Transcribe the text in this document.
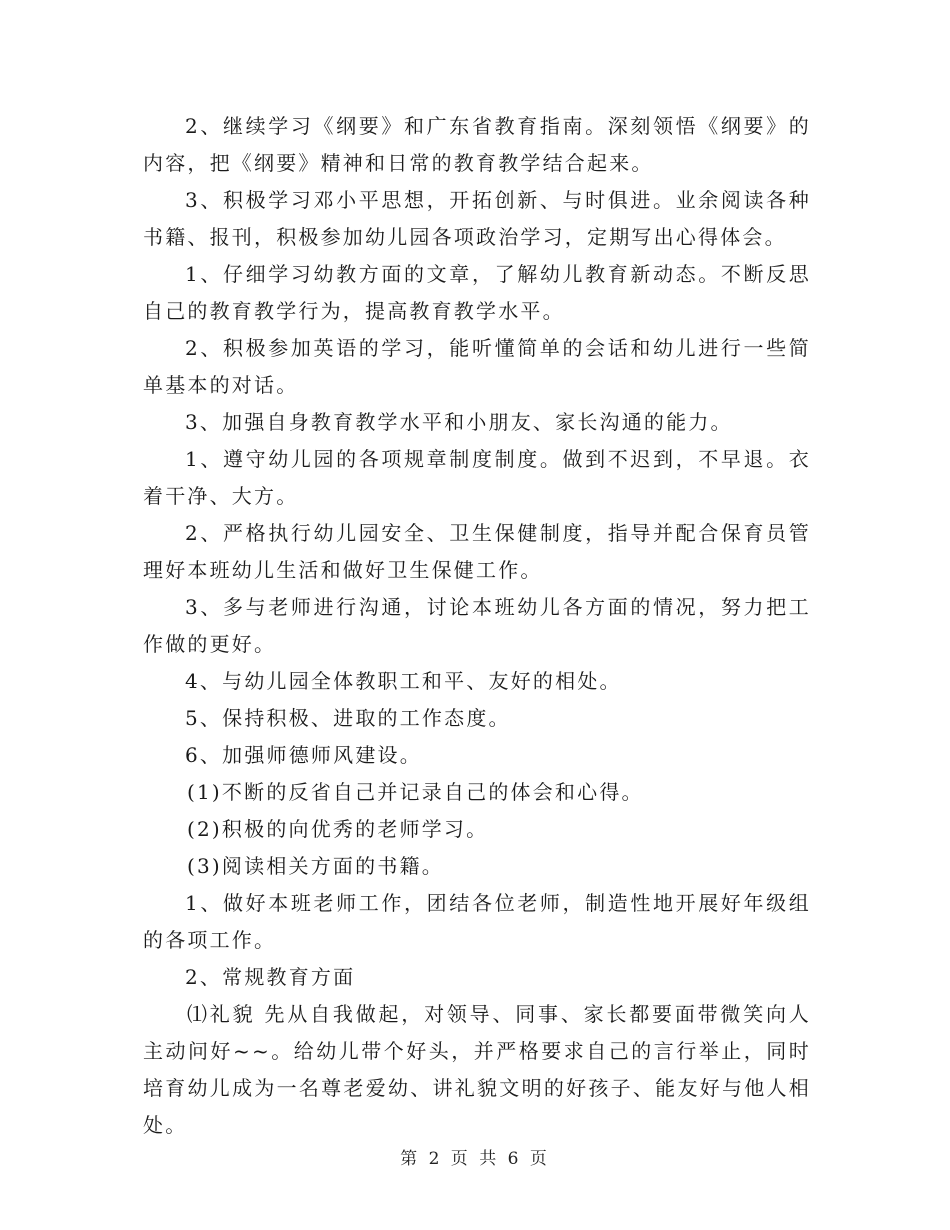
2、继续学习《纲要》和广东省教育指南。深刻领悟《纲要》的内容，把《纲要》精神和日常的教育教学结合起来。

3、积极学习邓小平思想，开拓创新、与时俱进。业余阅读各种书籍、报刊，积极参加幼儿园各项政治学习，定期写出心得体会。

1、仔细学习幼教方面的文章，了解幼儿教育新动态。不断反思自己的教育教学行为，提高教育教学水平。

2、积极参加英语的学习，能听懂简单的会话和幼儿进行一些简单基本的对话。

3、加强自身教育教学水平和小朋友、家长沟通的能力。

1、遵守幼儿园的各项规章制度制度。做到不迟到，不早退。衣着干净、大方。

2、严格执行幼儿园安全、卫生保健制度，指导并配合保育员管理好本班幼儿生活和做好卫生保健工作。

3、多与老师进行沟通，讨论本班幼儿各方面的情况，努力把工作做的更好。

4、与幼儿园全体教职工和平、友好的相处。

5、保持积极、进取的工作态度。

6、加强师德师风建设。

(1)不断的反省自己并记录自己的体会和心得。

(2)积极的向优秀的老师学习。

(3)阅读相关方面的书籍。

1、做好本班老师工作，团结各位老师，制造性地开展好年级组的各项工作。

2、常规教育方面

⑴礼貌 先从自我做起，对领导、同事、家长都要面带微笑向人主动问好~~。给幼儿带个好头，并严格要求自己的言行举止，同时培育幼儿成为一名尊老爱幼、讲礼貌文明的好孩子、能友好与他人相处。

第 2 页 共 6 页
